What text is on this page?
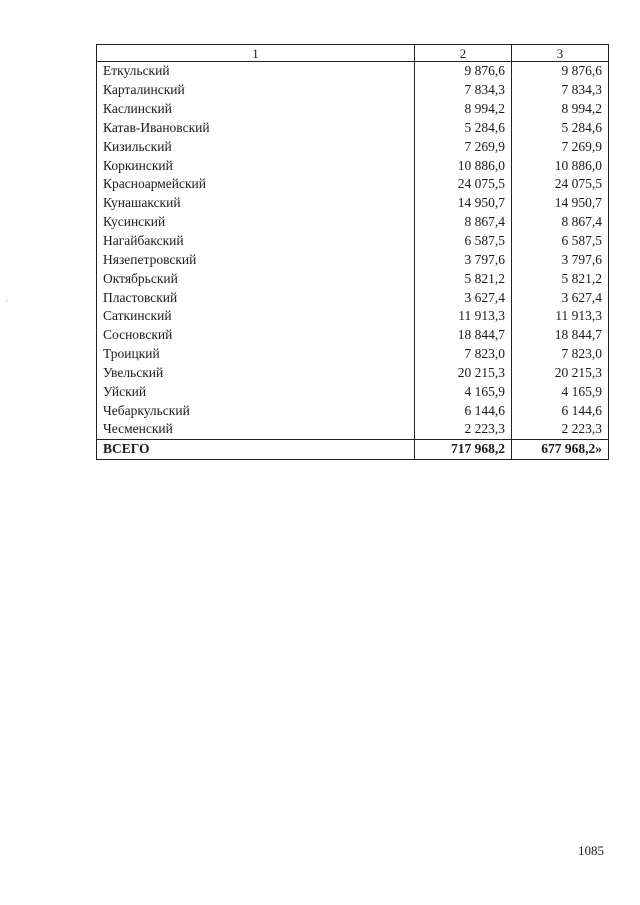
1	2	3
Еткульский	9 876,6	9 876,6
Карталинский	7 834,3	7 834,3
Каслинский	8 994,2	8 994,2
Катав-Ивановский	5 284,6	5 284,6
Кизильский	7 269,9	7 269,9
Коркинский	10 886,0	10 886,0
Красноармейский	24 075,5	24 075,5
Кунашакский	14 950,7	14 950,7
Кусинский	8 867,4	8 867,4
Нагайбакский	6 587,5	6 587,5
Нязепетровский	3 797,6	3 797,6
Октябрьский	5 821,2	5 821,2
Пластовский	3 627,4	3 627,4
Саткинский	11 913,3	11 913,3
Сосновский	18 844,7	18 844,7
Троицкий	7 823,0	7 823,0
Увельский	20 215,3	20 215,3
Уйский	4 165,9	4 165,9
Чебаркульский	6 144,6	6 144,6
Чесменский	2 223,3	2 223,3
ВСЕГО	717 968,2	677 968,2»
1085
